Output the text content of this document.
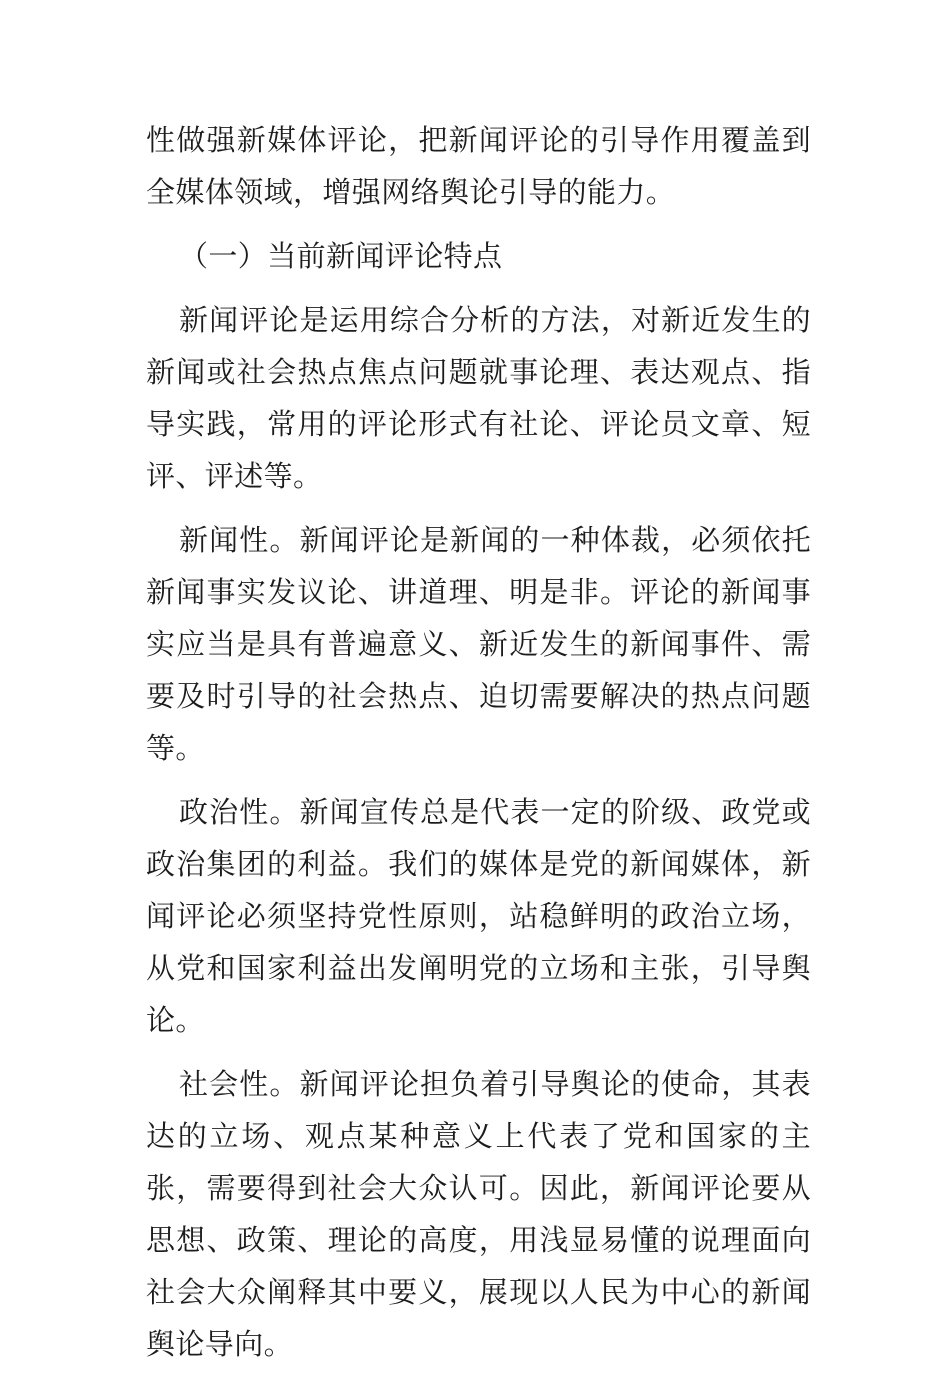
性做强新媒体评论，把新闻评论的引导作用覆盖到全媒体领域，增强网络舆论引导的能力。

（一）当前新闻评论特点

新闻评论是运用综合分析的方法，对新近发生的新闻或社会热点焦点问题就事论理、表达观点、指导实践，常用的评论形式有社论、评论员文章、短评、评述等。

新闻性。新闻评论是新闻的一种体裁，必须依托新闻事实发议论、讲道理、明是非。评论的新闻事实应当是具有普遍意义、新近发生的新闻事件、需要及时引导的社会热点、迫切需要解决的热点问题等。

政治性。新闻宣传总是代表一定的阶级、政党或政治集团的利益。我们的媒体是党的新闻媒体，新闻评论必须坚持党性原则，站稳鲜明的政治立场，从党和国家利益出发阐明党的立场和主张，引导舆论。

社会性。新闻评论担负着引导舆论的使命，其表达的立场、观点某种意义上代表了党和国家的主张，需要得到社会大众认可。因此，新闻评论要从思想、政策、理论的高度，用浅显易懂的说理面向社会大众阐释其中要义，展现以人民为中心的新闻舆论导向。
